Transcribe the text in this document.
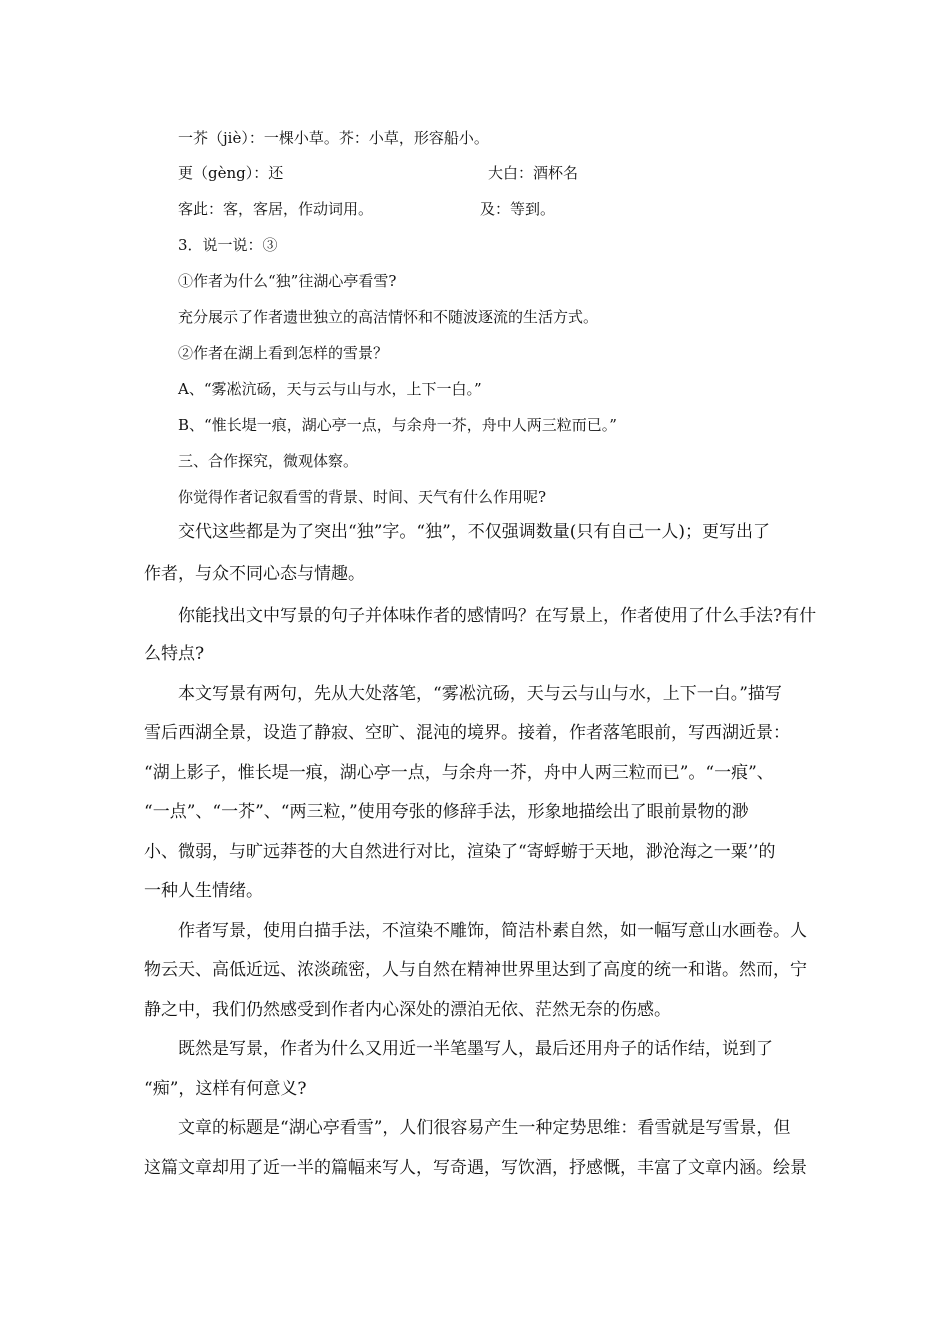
一芥（jiè）：一棵小草。芥：小草，形容船小。
更（gèng）：还	大白：酒杯名
客此：客，客居，作动词用。	及：等到。
3．说一说：③
①作者为什么“独”往湖心亭看雪?
充分展示了作者遗世独立的高洁情怀和不随波逐流的生活方式。
②作者在湖上看到怎样的雪景？
A、“雾凇沆砀，天与云与山与水，上下一白。”
B、“惟长堤一痕，湖心亭一点，与余舟一芥，舟中人两三粒而已。”
三、合作探究，微观体察。
你觉得作者记叙看雪的背景、时间、天气有什么作用呢?
交代这些都是为了突出“独”字。“独”，不仅强调数量(只有自己一人)；更写出了
作者，与众不同心态与情趣。
你能找出文中写景的句子并体味作者的感情吗？在写景上，作者使用了什么手法?有什
么特点?
本文写景有两句，先从大处落笔，“雾凇沆砀，天与云与山与水，上下一白。”描写
雪后西湖全景，设造了静寂、空旷、混沌的境界。接着，作者落笔眼前，写西湖近景：
“湖上影子，惟长堤一痕，湖心亭一点，与余舟一芥，舟中人两三粒而已”。“一痕”、
“一点”、“一芥”、“两三粒，”使用夸张的修辞手法，形象地描绘出了眼前景物的渺
小、微弱，与旷远莽苍的大自然进行对比，渲染了“寄蜉蝣于天地，渺沧海之一粟’’的
一种人生情绪。
作者写景，使用白描手法，不渲染不雕饰，简洁朴素自然，如一幅写意山水画卷。人
物云天、高低近远、浓淡疏密，人与自然在精神世界里达到了高度的统一和谐。然而，宁
静之中，我们仍然感受到作者内心深处的漂泊无依、茫然无奈的伤感。
既然是写景，作者为什么又用近一半笔墨写人，最后还用舟子的话作结，说到了
“痴”，这样有何意义?
文章的标题是“湖心亭看雪”，人们很容易产生一种定势思维：看雪就是写雪景，但
这篇文章却用了近一半的篇幅来写人，写奇遇，写饮酒，抒感慨，丰富了文章内涵。绘景
